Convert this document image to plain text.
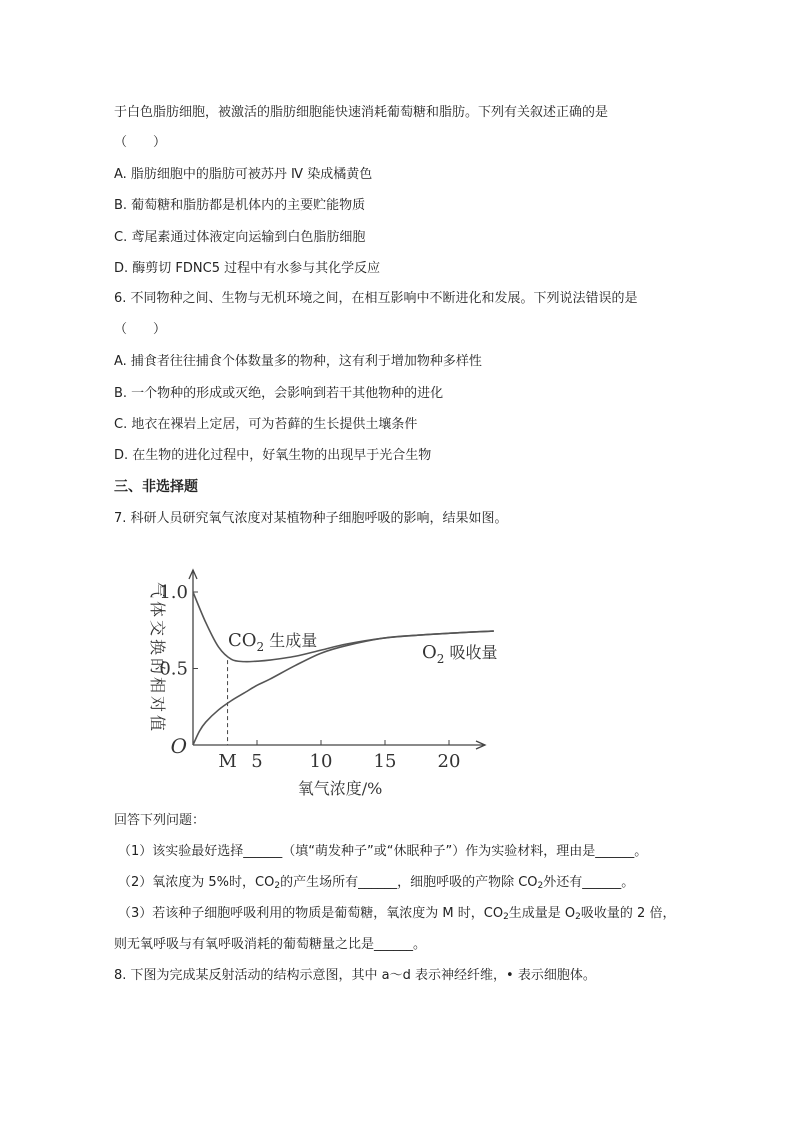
于白色脂肪细胞，被激活的脂肪细胞能快速消耗葡萄糖和脂肪。下列有关叙述正确的是
（　　）
A. 脂肪细胞中的脂肪可被苏丹 Ⅳ 染成橘黄色
B. 葡萄糖和脂肪都是机体内的主要贮能物质
C. 鸢尾素通过体液定向运输到白色脂肪细胞
D. 酶剪切 FDNC5 过程中有水参与其化学反应
6. 不同物种之间、生物与无机环境之间，在相互影响中不断进化和发展。下列说法错误的是
（　　）
A. 捕食者往往捕食个体数量多的物种，这有利于增加物种多样性
B. 一个物种的形成或灭绝，会影响到若干其他物种的进化
C. 地衣在裸岩上定居，可为苔藓的生长提供土壤条件
D. 在生物的进化过程中，好氧生物的出现早于光合生物
三、非选择题
7. 科研人员研究氧气浓度对某植物种子细胞呼吸的影响，结果如图。
M 5	10 15 20
0.5
1.0
O
氧气浓度/%
气体交换的相对值	$CO_2$ 生成量
$O_2$ 吸收量
回答下列问题：
（1）该实验最好选择______（填“萌发种子”或“休眠种子”）作为实验材料，理由是______。
（2）氧浓度为 5%时，$CO_2$的产生场所有______，细胞呼吸的产物除 $CO_2$外还有______。
（3）若该种子细胞呼吸利用的物质是葡萄糖，氧浓度为 M 时，$CO_2$生成量是 $O_2$吸收量的 2 倍，
则无氧呼吸与有氧呼吸消耗的葡萄糖量之比是______。
8. 下图为完成某反射活动的结构示意图，其中 a～d 表示神经纤维，• 表示细胞体。
